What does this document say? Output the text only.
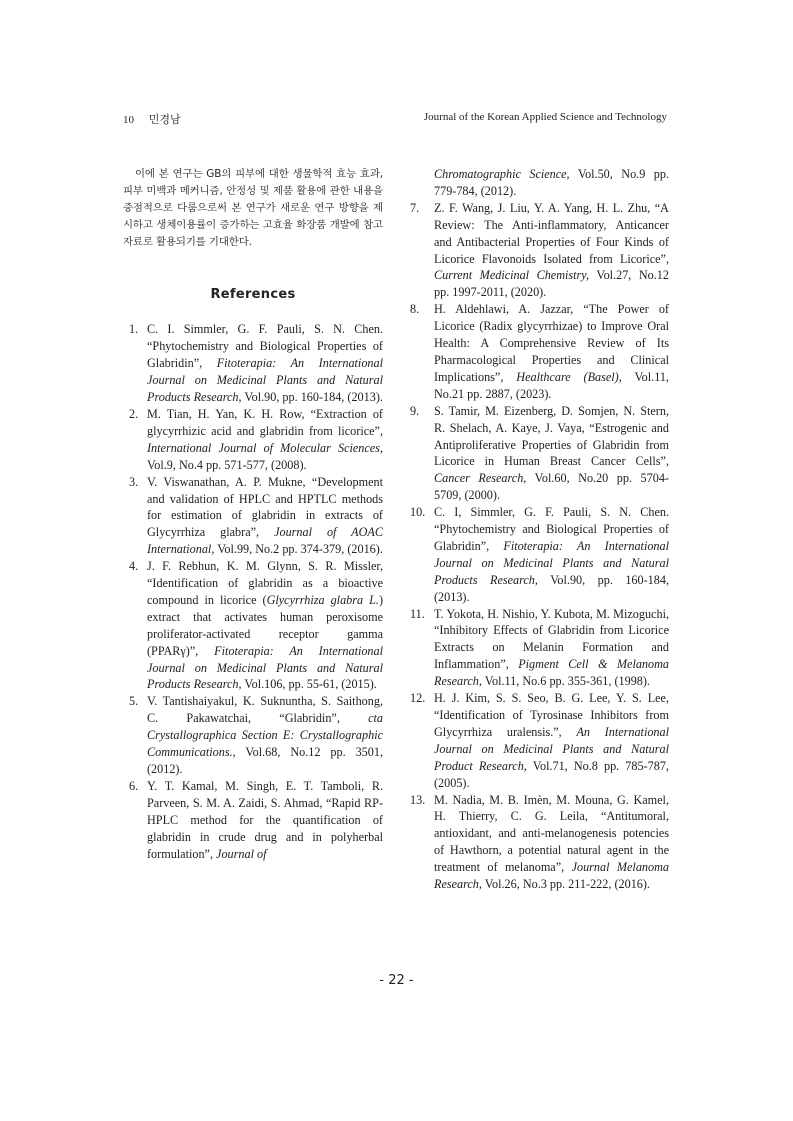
10 민경남	Journal of the Korean Applied Science and Technology

이에 본 연구는 GB의 피부에 대한 생물학적 효능 효과, 피부 미백과 메커니즘, 안정성 및 제품 활용에 관한 내용을 중점적으로 다룸으로써 본 연구가 새로운 연구 방향을 제시하고 생체이용률이 증가하는 고효율 화장품 개발에 참고 자료로 활용되기를 기대한다.

References
1. C. I. Simmler, G. F. Pauli, S. N. Chen. “Phytochemistry and Biological Properties of Glabridin”, Fitoterapia: An International Journal on Medicinal Plants and Natural Products Research, Vol.90, pp. 160-184, (2013).
2. M. Tian, H. Yan, K. H. Row, “Extraction of glycyrrhizic acid and glabridin from licorice”, International Journal of Molecular Sciences, Vol.9, No.4 pp. 571-577, (2008).
3. V. Viswanathan, A. P. Mukne, “Development and validation of HPLC and HPTLC methods for estimation of glabridin in extracts of Glycyrrhiza glabra”, Journal of AOAC International, Vol.99, No.2 pp. 374-379, (2016).
4. J. F. Rebhun, K. M. Glynn, S. R. Missler, “Identification of glabridin as a bioactive compound in licorice (Glycyrrhiza glabra L.) extract that activates human peroxisome proliferator-activated receptor gamma (PPARγ)”, Fitoterapia: An International Journal on Medicinal Plants and Natural Products Research, Vol.106, pp. 55-61, (2015).
5. V. Tantishaiyakul, K. Suknuntha, S. Saithong, C. Pakawatchai, “Glabridin”, cta Crystallographica Section E: Crystallographic Communications., Vol.68, No.12 pp. 3501, (2012).
6. Y. T. Kamal, M. Singh, E. T. Tamboli, R. Parveen, S. M. A. Zaidi, S. Ahmad, “Rapid RP-HPLC method for the quantification of glabridin in crude drug and in polyherbal formulation”, Journal of
Chromatographic Science, Vol.50, No.9 pp. 779-784, (2012).
7. Z. F. Wang, J. Liu, Y. A. Yang, H. L. Zhu, “A Review: The Anti-inflammatory, Anticancer and Antibacterial Properties of Four Kinds of Licorice Flavonoids Isolated from Licorice”, Current Medicinal Chemistry, Vol.27, No.12 pp. 1997-2011, (2020).
8. H. Aldehlawi, A. Jazzar, “The Power of Licorice (Radix glycyrrhizae) to Improve Oral Health: A Comprehensive Review of Its Pharmacological Properties and Clinical Implications”, Healthcare (Basel), Vol.11, No.21 pp. 2887, (2023).
9. S. Tamir, M. Eizenberg, D. Somjen, N. Stern, R. Shelach, A. Kaye, J. Vaya, “Estrogenic and Antiproliferative Properties of Glabridin from Licorice in Human Breast Cancer Cells”, Cancer Research, Vol.60, No.20 pp. 5704-5709, (2000).
10. C. I, Simmler, G. F. Pauli, S. N. Chen. “Phytochemistry and Biological Properties of Glabridin”, Fitoterapia: An International Journal on Medicinal Plants and Natural Products Research, Vol.90, pp. 160-184, (2013).
11. T. Yokota, H. Nishio, Y. Kubota, M. Mizoguchi, “Inhibitory Effects of Glabridin from Licorice Extracts on Melanin Formation and Inflammation”, Pigment Cell & Melanoma Research, Vol.11, No.6 pp. 355-361, (1998).
12. H. J. Kim, S. S. Seo, B. G. Lee, Y. S. Lee, “Identification of Tyrosinase Inhibitors from Glycyrrhiza uralensis.”, An International Journal on Medicinal Plants and Natural Product Research, Vol.71, No.8 pp. 785-787, (2005).
13. M. Nadia, M. B. Imèn, M. Mouna, G. Kamel, H. Thierry, C. G. Leila, “Antitumoral, antioxidant, and anti-melanogenesis potencies of Hawthorn, a potential natural agent in the treatment of melanoma”, Journal Melanoma Research, Vol.26, No.3 pp. 211-222, (2016).
- 22 -
